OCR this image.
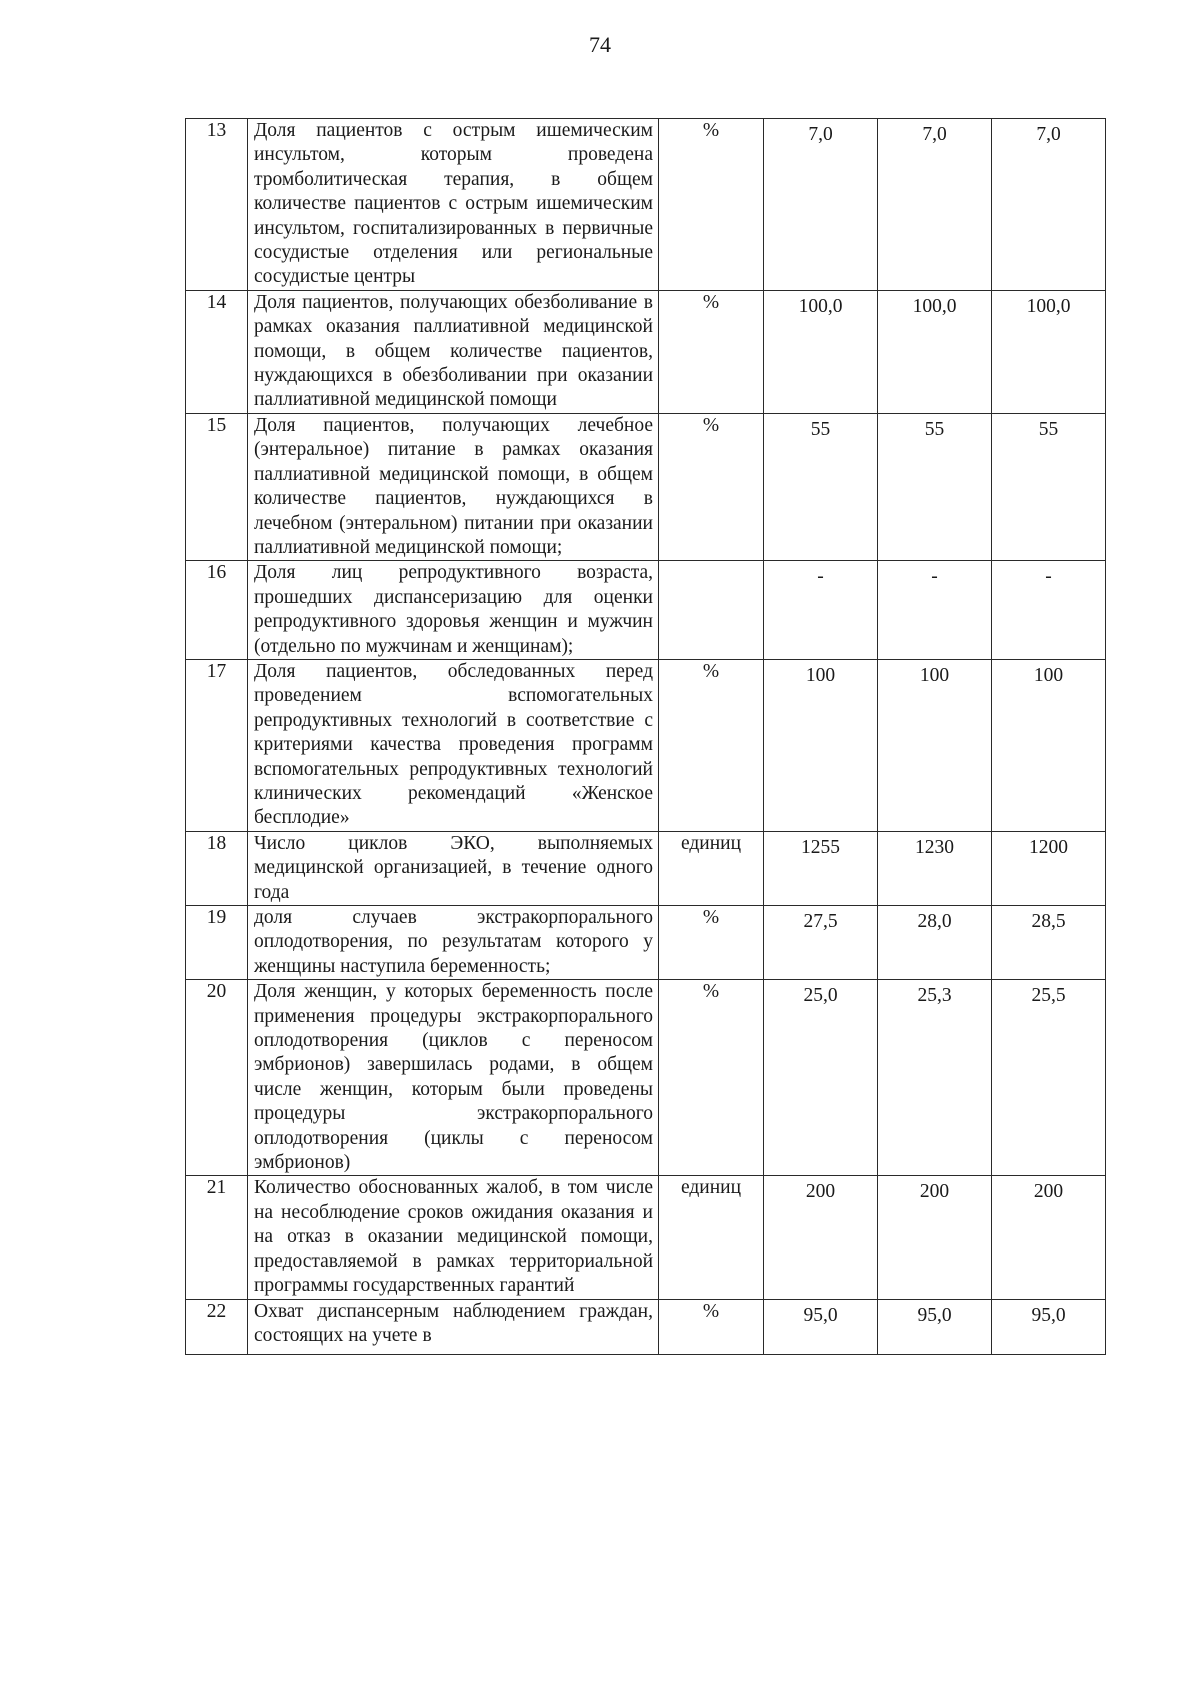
74
13	Доля пациентов с острым ишемическим инсультом, которым проведена тромболитическая терапия, в общем количестве пациентов с острым ишемическим инсультом, госпитализированных в первичные сосудистые отделения или региональные сосудистые центры	%	7,0	7,0	7,0
14	Доля пациентов, получающих обезболивание в рамках оказания паллиативной медицинской помощи, в общем количестве пациентов, нуждающихся в обезболивании при оказании паллиативной медицинской помощи	%	100,0	100,0	100,0
15	Доля пациентов, получающих лечебное (энтеральное) питание в рамках оказания паллиативной медицинской помощи, в общем количестве пациентов, нуждающихся в лечебном (энтеральном) питании при оказании паллиативной медицинской помощи;	%	55	55	55
16	Доля лиц репродуктивного возраста, прошедших диспансеризацию для оценки репродуктивного здоровья женщин и мужчин (отдельно по мужчинам и женщинам);		-	-	-
17	Доля пациентов, обследованных перед проведением вспомогательных репродуктивных технологий в соответствие с критериями качества проведения программ вспомогательных репродуктивных технологий клинических рекомендаций «Женское бесплодие»	%	100	100	100
18	Число циклов ЭКО, выполняемых медицинской организацией, в течение одного года	единиц	1255	1230	1200
19	доля случаев экстракорпорального оплодотворения, по результатам которого у женщины наступила беременность;	%	27,5	28,0	28,5
20	Доля женщин, у которых беременность после применения процедуры экстракорпорального оплодотворения (циклов с переносом эмбрионов) завершилась родами, в общем числе женщин, которым были проведены процедуры экстракорпорального оплодотворения (циклы с переносом эмбрионов)	%	25,0	25,3	25,5
21	Количество обоснованных жалоб, в том числе на несоблюдение сроков ожидания оказания и на отказ в оказании медицинской помощи, предоставляемой в рамках территориальной программы государственных гарантий	единиц	200	200	200
22	Охват диспансерным наблюдением граждан, состоящих на учете в	%	95,0	95,0	95,0
